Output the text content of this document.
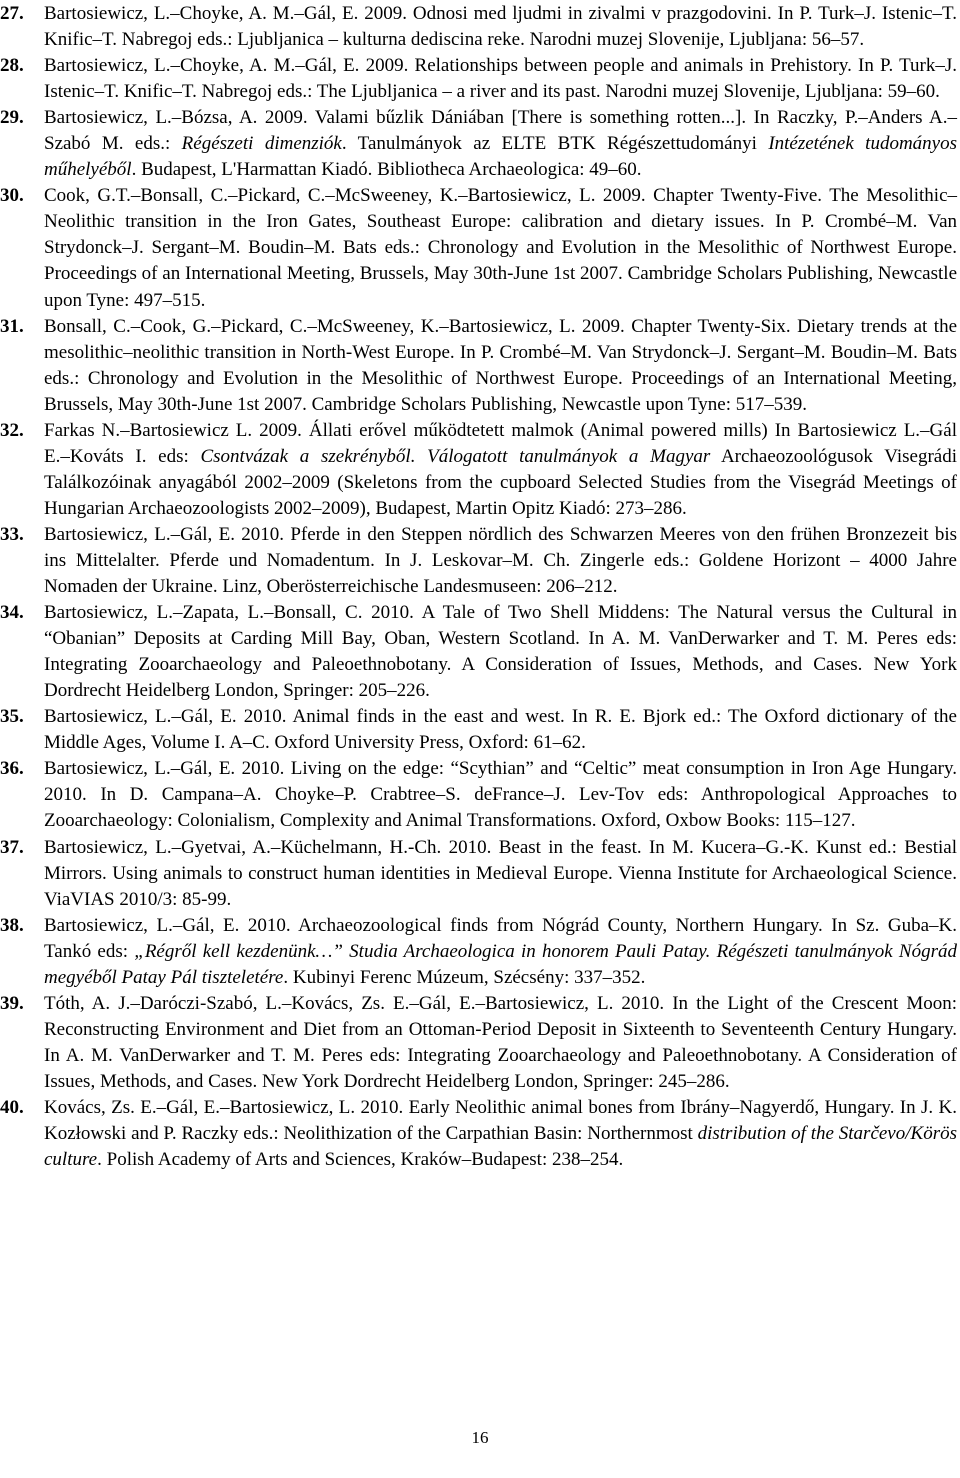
27.	Bartosiewicz, L.–Choyke, A. M.–Gál, E. 2009. Odnosi med ljudmi in zivalmi v prazgodovini. In P. Turk–J. Istenic–T. Knific–T. Nabregoj eds.: Ljubljanica – kulturna dediscina reke. Narodni muzej Slovenije, Ljubljana: 56–57.
28.	Bartosiewicz, L.–Choyke, A. M.–Gál, E. 2009. Relationships between people and animals in Prehistory. In P. Turk–J. Istenic–T. Knific–T. Nabregoj eds.: The Ljubljanica – a river and its past. Narodni muzej Slovenije, Ljubljana: 59–60.
29.	Bartosiewicz, L.–Bózsa, A. 2009. Valami bűzlik Dániában [There is something rotten...]. In Raczky, P.–Anders A.–Szabó M. eds.: Régészeti dimenziók. Tanulmányok az ELTE BTK Régészettudományi Intézetének tudományos műhelyéből. Budapest, L'Harmattan Kiadó. Bibliotheca Archaeologica: 49–60.
30.	Cook, G.T.–Bonsall, C.–Pickard, C.–McSweeney, K.–Bartosiewicz, L. 2009. Chapter Twenty-Five. The Mesolithic–Neolithic transition in the Iron Gates, Southeast Europe: calibration and dietary issues. In P. Crombé–M. Van Strydonck–J. Sergant–M. Boudin–M. Bats eds.: Chronology and Evolution in the Mesolithic of Northwest Europe. Proceedings of an International Meeting, Brussels, May 30th-June 1st 2007. Cambridge Scholars Publishing, Newcastle upon Tyne: 497–515.
31.	Bonsall, C.–Cook, G.–Pickard, C.–McSweeney, K.–Bartosiewicz, L. 2009. Chapter Twenty-Six. Dietary trends at the mesolithic–neolithic transition in North-West Europe. In P. Crombé–M. Van Strydonck–J. Sergant–M. Boudin–M. Bats eds.: Chronology and Evolution in the Mesolithic of Northwest Europe. Proceedings of an International Meeting, Brussels, May 30th-June 1st 2007. Cambridge Scholars Publishing, Newcastle upon Tyne: 517–539.
32.	Farkas N.–Bartosiewicz L. 2009. Állati erővel működtetett malmok (Animal powered mills) In Bartosiewicz L.–Gál E.–Kováts I. eds: Csontvázak a szekrényből. Válogatott tanulmányok a Magyar Archaeozoológusok Visegrádi Találkozóinak anyagából 2002–2009 (Skeletons from the cupboard Selected Studies from the Visegrád Meetings of Hungarian Archaeozoologists 2002–2009), Budapest, Martin Opitz Kiadó: 273–286.
33.	Bartosiewicz, L.–Gál, E. 2010. Pferde in den Steppen nördlich des Schwarzen Meeres von den frühen Bronzezeit bis ins Mittelalter. Pferde und Nomadentum. In J. Leskovar–M. Ch. Zingerle eds.: Goldene Horizont – 4000 Jahre Nomaden der Ukraine. Linz, Oberösterreichische Landesmuseen: 206–212.
34.	Bartosiewicz, L.–Zapata, L.–Bonsall, C. 2010. A Tale of Two Shell Middens: The Natural versus the Cultural in “Obanian” Deposits at Carding Mill Bay, Oban, Western Scotland. In A. M. VanDerwarker and T. M. Peres eds: Integrating Zooarchaeology and Paleoethnobotany. A Consideration of Issues, Methods, and Cases. New York Dordrecht Heidelberg London, Springer: 205–226.
35.	Bartosiewicz, L.–Gál, E. 2010. Animal finds in the east and west. In R. E. Bjork ed.: The Oxford dictionary of the Middle Ages, Volume I. A–C. Oxford University Press, Oxford: 61–62.
36.	Bartosiewicz, L.–Gál, E. 2010. Living on the edge: “Scythian” and “Celtic” meat consumption in Iron Age Hungary. 2010. In D. Campana–A. Choyke–P. Crabtree–S. deFrance–J. Lev-Tov eds: Anthropological Approaches to Zooarchaeology: Colonialism, Complexity and Animal Transformations. Oxford, Oxbow Books: 115–127.
37.	Bartosiewicz, L.–Gyetvai, A.–Küchelmann, H.-Ch. 2010. Beast in the feast. In M. Kucera–G.-K. Kunst ed.: Bestial Mirrors. Using animals to construct human identities in Medieval Europe. Vienna Institute for Archaeological Science. ViaVIAS 2010/3: 85-99.
38.	Bartosiewicz, L.–Gál, E. 2010. Archaeozoological finds from Nógrád County, Northern Hungary. In Sz. Guba–K. Tankó eds: „Régről kell kezdenünk…” Studia Archaeologica in honorem Pauli Patay. Régészeti tanulmányok Nógrád megyéből Patay Pál tiszteletére. Kubinyi Ferenc Múzeum, Szécsény: 337–352.
39.	Tóth, A. J.–Daróczi-Szabó, L.–Kovács, Zs. E.–Gál, E.–Bartosiewicz, L. 2010. In the Light of the Crescent Moon: Reconstructing Environment and Diet from an Ottoman-Period Deposit in Sixteenth to Seventeenth Century Hungary. In A. M. VanDerwarker and T. M. Peres eds: Integrating Zooarchaeology and Paleoethnobotany. A Consideration of Issues, Methods, and Cases. New York Dordrecht Heidelberg London, Springer: 245–286.
40.	Kovács, Zs. E.–Gál, E.–Bartosiewicz, L. 2010. Early Neolithic animal bones from Ibrány–Nagyerdő, Hungary. In J. K. Kozłowski and P. Raczky eds.: Neolithization of the Carpathian Basin: Northernmost distribution of the Starčevo/Körös culture. Polish Academy of Arts and Sciences, Kraków–Budapest: 238–254.
16
